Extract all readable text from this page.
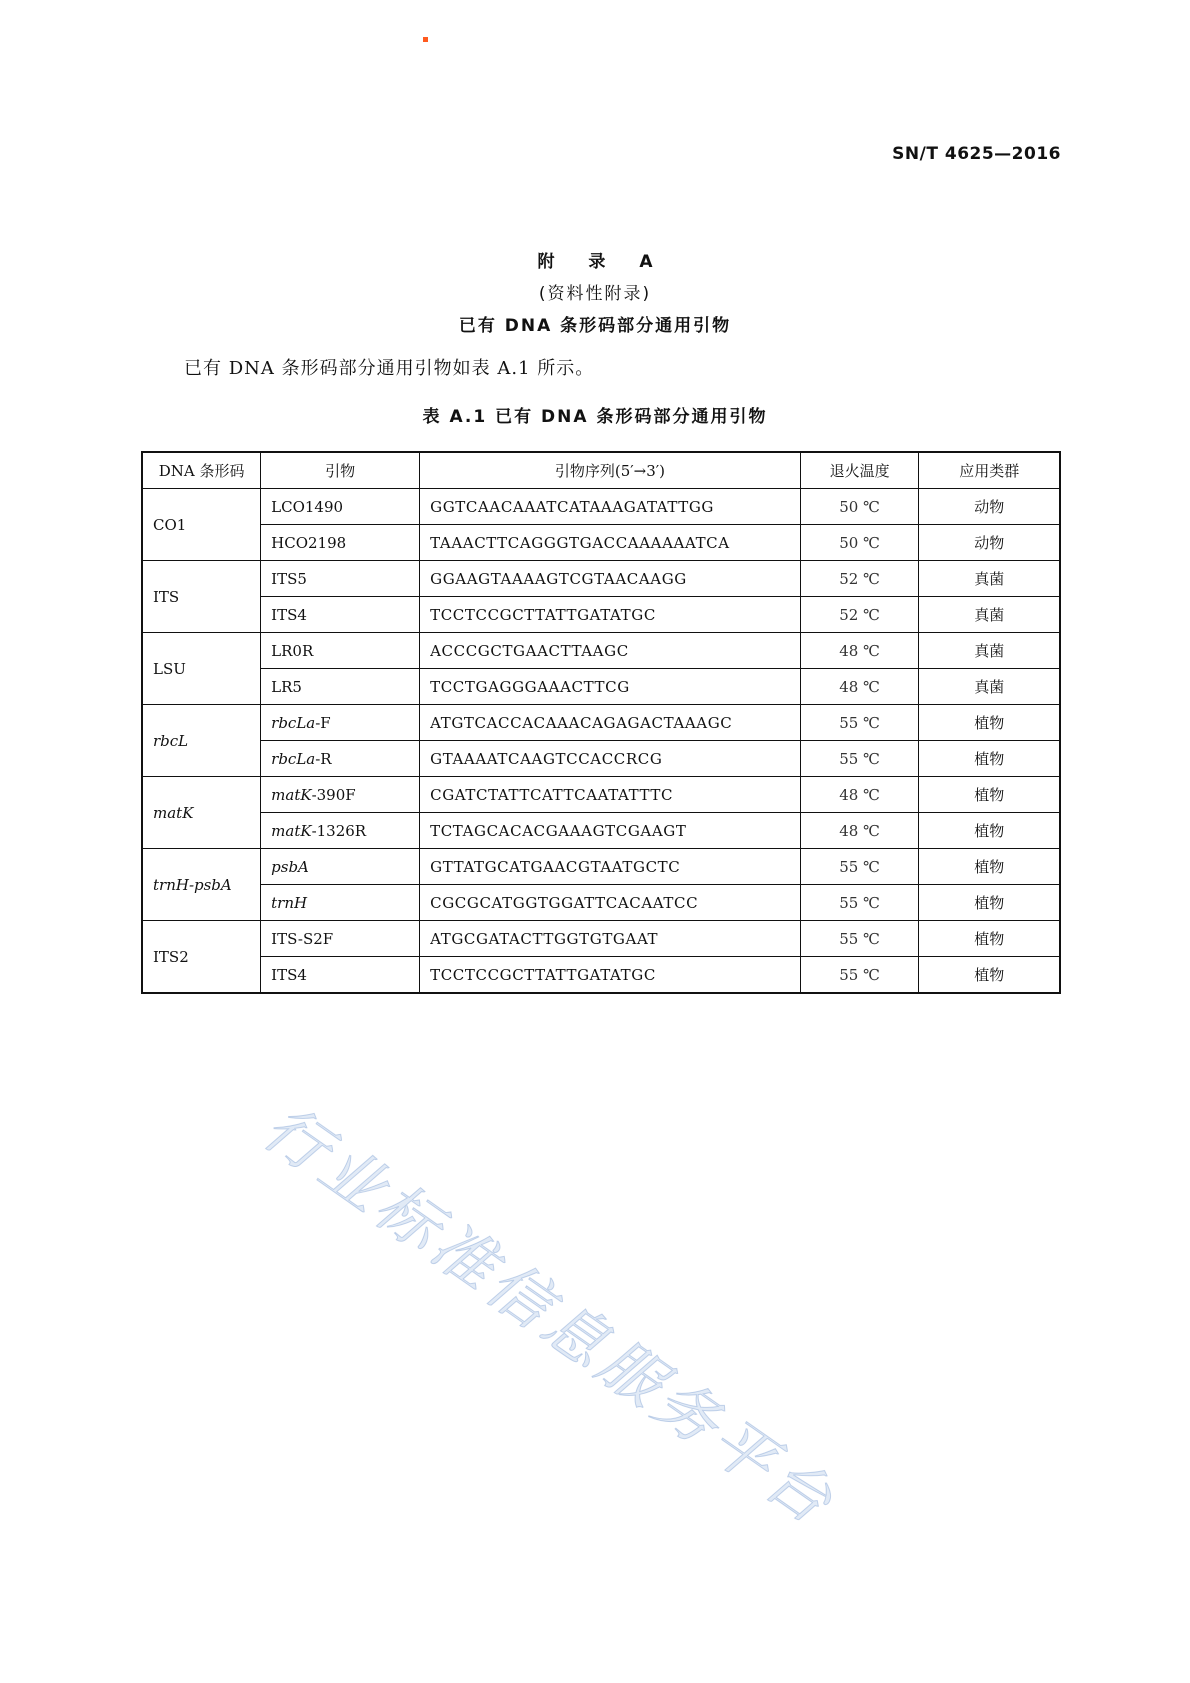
SN/T 4625—2016
附 录 A
(资料性附录)
已有 DNA 条形码部分通用引物
已有 DNA 条形码部分通用引物如表 A.1 所示。
表 A.1 已有 DNA 条形码部分通用引物
DNA 条形码	引物	引物序列(5′→3′)	退火温度	应用类群
CO1	LCO1490	GGTCAACAAATCATAAAGATATTGG	50 ℃	动物
	HCO2198	TAAACTTCAGGGTGACCAAAAAATCA	50 ℃	动物
ITS	ITS5	GGAAGTAAAAGTCGTAACAAGG	52 ℃	真菌
	ITS4	TCCTCCGCTTATTGATATGC	52 ℃	真菌
LSU	LR0R	ACCCGCTGAACTTAAGC	48 ℃	真菌
	LR5	TCCTGAGGGAAACTTCG	48 ℃	真菌
rbcL	rbcLa-F	ATGTCACCACAAACAGAGACTAAAGC	55 ℃	植物
	rbcLa-R	GTAAAATCAAGTCCACCRCG	55 ℃	植物
matK	matK-390F	CGATCTATTCATTCAATATTTC	48 ℃	植物
	matK-1326R	TCTAGCACACGAAAGTCGAAGT	48 ℃	植物
trnH-psbA	psbA	GTTATGCATGAACGTAATGCTC	55 ℃	植物
	trnH	CGCGCATGGTGGATTCACAATCC	55 ℃	植物
ITS2	ITS-S2F	ATGCGATACTTGGTGTGAAT	55 ℃	植物
	ITS4	TCCTCCGCTTATTGATATGC	55 ℃	植物
行业标准信息服务平台
